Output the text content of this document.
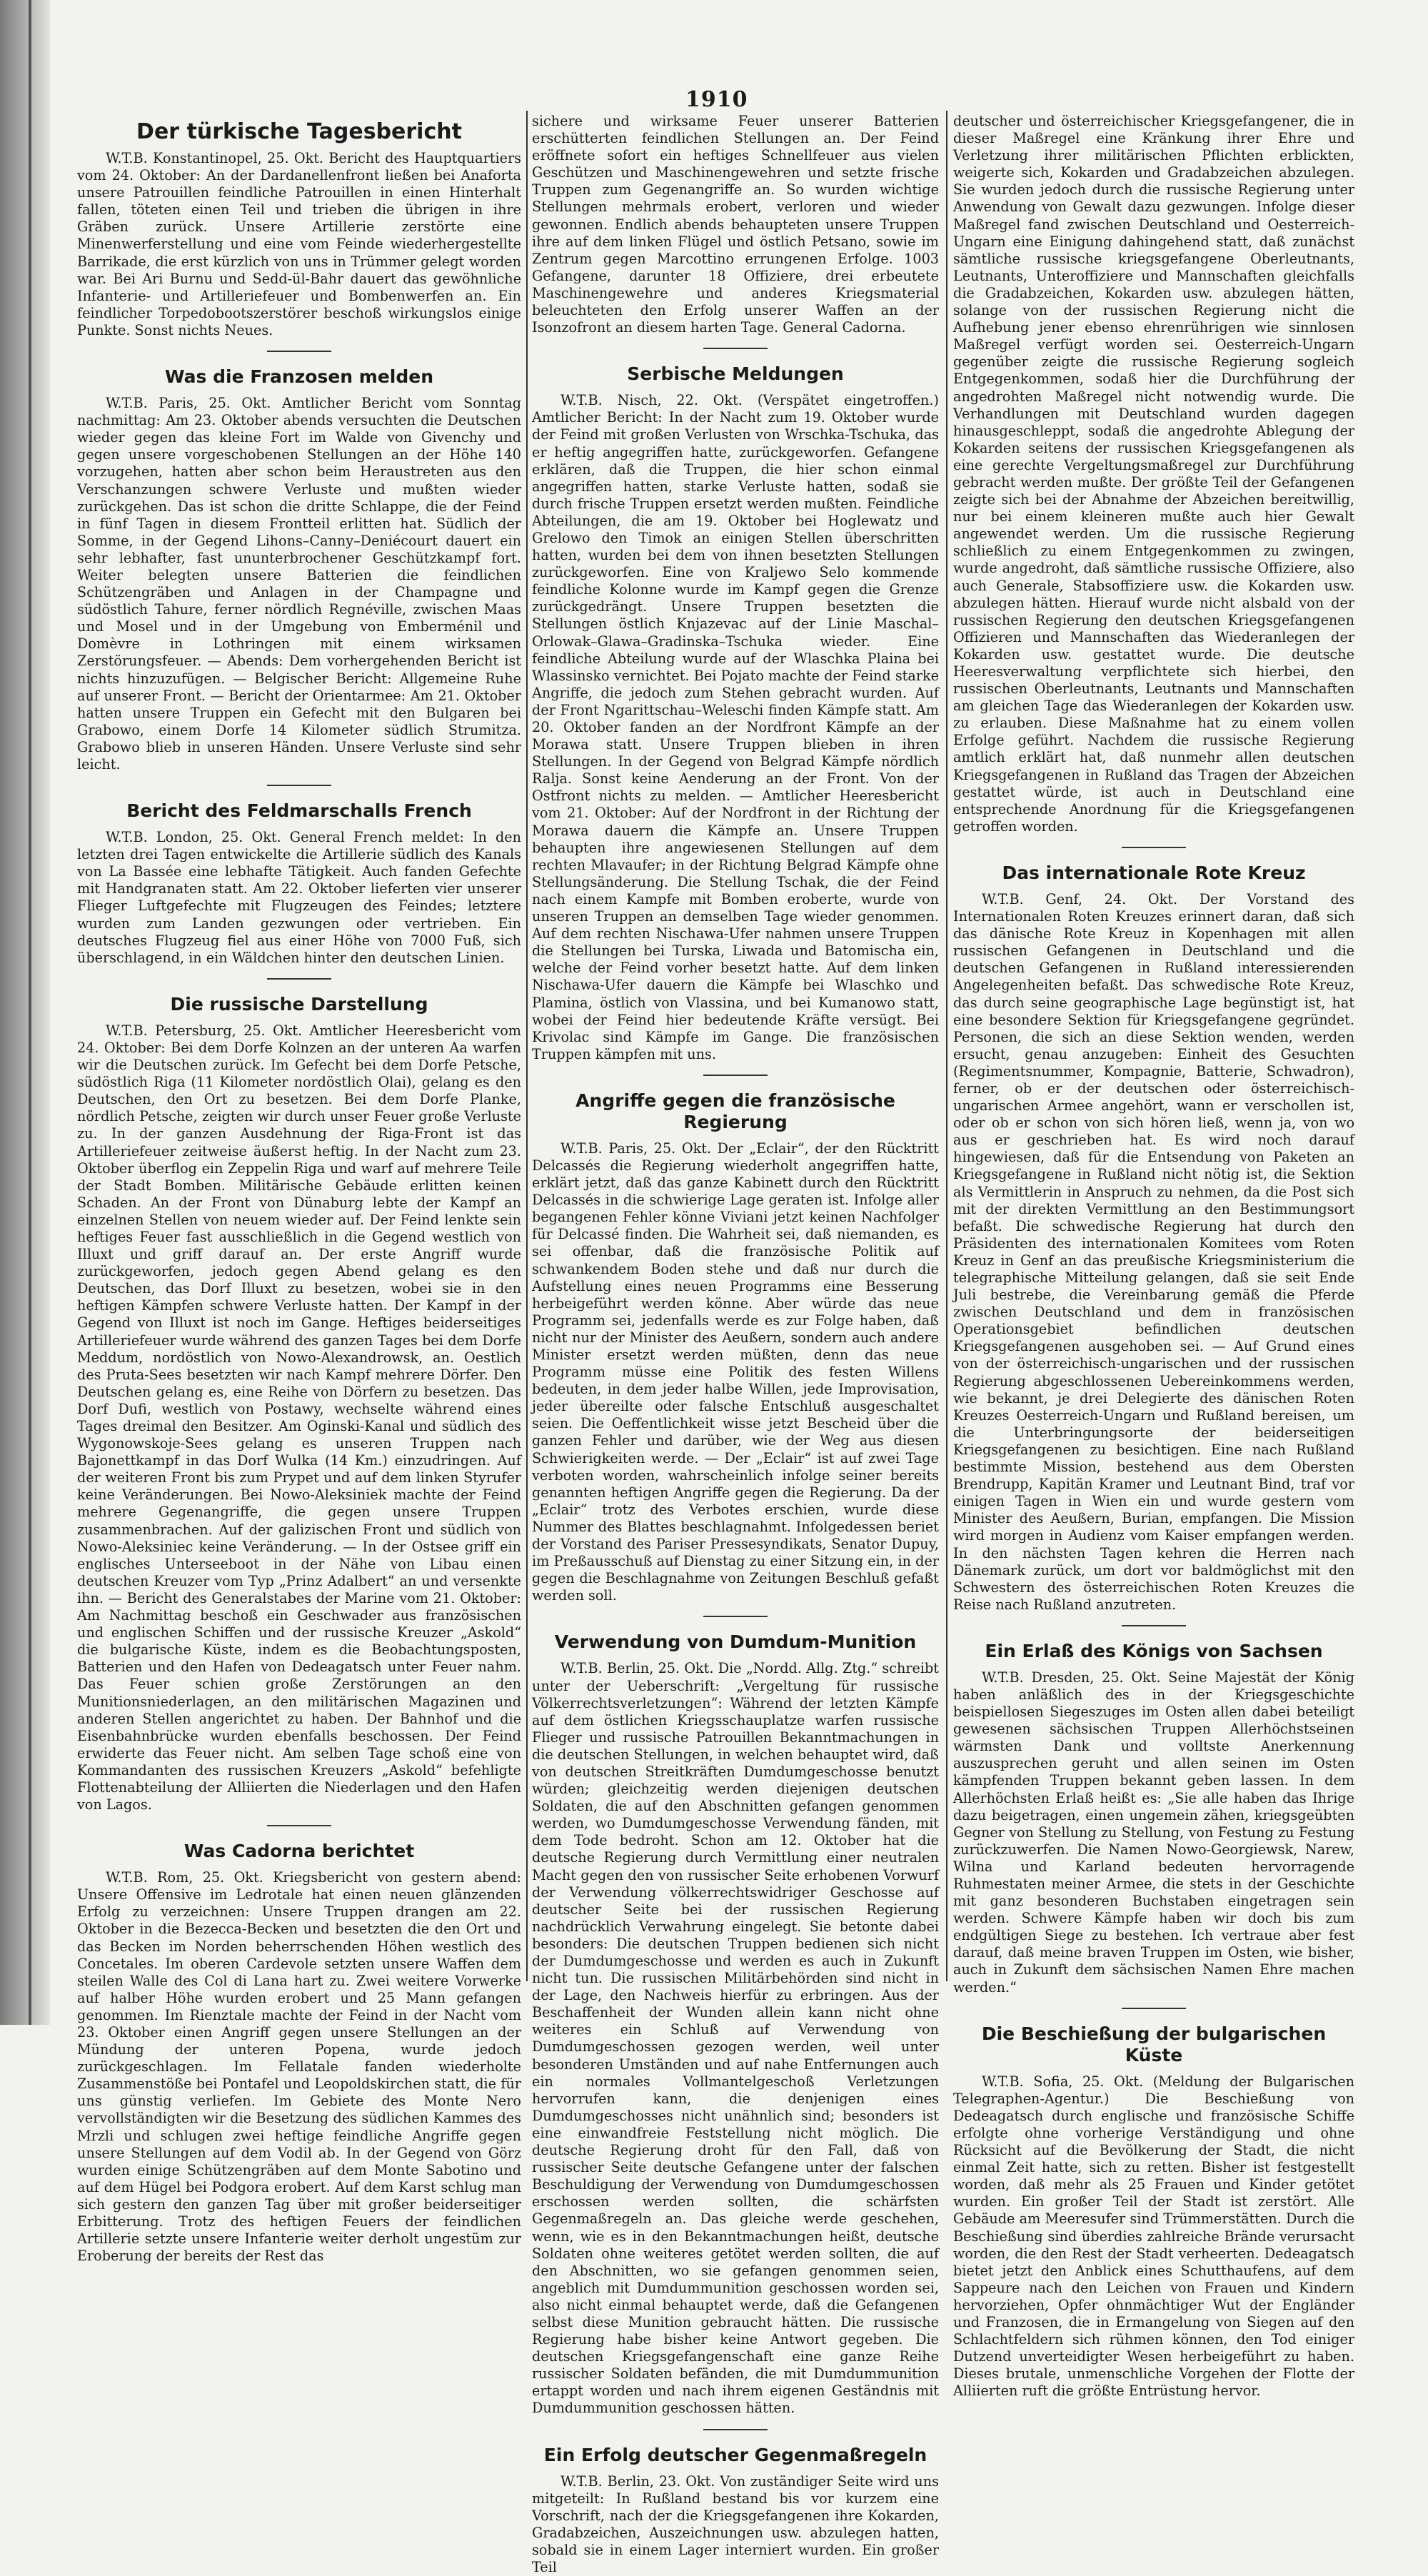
1910
Der türkische Tagesbericht

W.T.B. Konstantinopel, 25. Okt. Bericht des Hauptquartiers vom 24. Oktober: An der Dardanellenfront ließen bei Anaforta unsere Patrouillen feindliche Patrouillen in einen Hinterhalt fallen, töteten einen Teil und trieben die übrigen in ihre Gräben zurück. Unsere Artillerie zerstörte eine Minenwerferstellung und eine vom Feinde wiederhergestellte Barrikade, die erst kürzlich von uns in Trümmer gelegt worden war. Bei Ari Burnu und Sedd-ül-Bahr dauert das gewöhnliche Infanterie- und Artilleriefeuer und Bombenwerfen an. Ein feindlicher Torpedobootszerstörer beschoß wirkungslos einige Punkte. Sonst nichts Neues.

Was die Franzosen melden

W.T.B. Paris, 25. Okt. Amtlicher Bericht vom Sonntag nachmittag: Am 23. Oktober abends versuchten die Deutschen wieder gegen das kleine Fort im Walde von Givenchy und gegen unsere vorgeschobenen Stellungen an der Höhe 140 vorzugehen, hatten aber schon beim Heraustreten aus den Verschanzungen schwere Verluste und mußten wieder zurückgehen. Das ist schon die dritte Schlappe, die der Feind in fünf Tagen in diesem Frontteil erlitten hat. Südlich der Somme, in der Gegend Lihons–Canny–Deniécourt dauert ein sehr lebhafter, fast ununterbrochener Geschützkampf fort. Weiter belegten unsere Batterien die feindlichen Schützengräben und Anlagen in der Champagne und südöstlich Tahure, ferner nördlich Regnéville, zwischen Maas und Mosel und in der Umgebung von Emberménil und Domèvre in Lothringen mit einem wirksamen Zerstörungsfeuer. — Abends: Dem vorhergehenden Bericht ist nichts hinzuzufügen. — Belgischer Bericht: Allgemeine Ruhe auf unserer Front. — Bericht der Orientarmee: Am 21. Oktober hatten unsere Truppen ein Gefecht mit den Bulgaren bei Grabowo, einem Dorfe 14 Kilometer südlich Strumitza. Grabowo blieb in unseren Händen. Unsere Verluste sind sehr leicht.

Bericht des Feldmarschalls French

W.T.B. London, 25. Okt. General French meldet: In den letzten drei Tagen entwickelte die Artillerie südlich des Kanals von La Bassée eine lebhafte Tätigkeit. Auch fanden Gefechte mit Handgranaten statt. Am 22. Oktober lieferten vier unserer Flieger Luftgefechte mit Flugzeugen des Feindes; letztere wurden zum Landen gezwungen oder vertrieben. Ein deutsches Flugzeug fiel aus einer Höhe von 7000 Fuß, sich überschlagend, in ein Wäldchen hinter den deutschen Linien.

Die russische Darstellung

W.T.B. Petersburg, 25. Okt. Amtlicher Heeresbericht vom 24. Oktober: Bei dem Dorfe Kolnzen an der unteren Aa warfen wir die Deutschen zurück. Im Gefecht bei dem Dorfe Petsche, südöstlich Riga (11 Kilometer nordöstlich Olai), gelang es den Deutschen, den Ort zu besetzen. Bei dem Dorfe Planke, nördlich Petsche, zeigten wir durch unser Feuer große Verluste zu. In der ganzen Ausdehnung der Riga-Front ist das Artilleriefeuer zeitweise äußerst heftig. In der Nacht zum 23. Oktober überflog ein Zeppelin Riga und warf auf mehrere Teile der Stadt Bomben. Militärische Gebäude erlitten keinen Schaden. An der Front von Dünaburg lebte der Kampf an einzelnen Stellen von neuem wieder auf. Der Feind lenkte sein heftiges Feuer fast ausschließlich in die Gegend westlich von Illuxt und griff darauf an. Der erste Angriff wurde zurückgeworfen, jedoch gegen Abend gelang es den Deutschen, das Dorf Illuxt zu besetzen, wobei sie in den heftigen Kämpfen schwere Verluste hatten. Der Kampf in der Gegend von Illuxt ist noch im Gange. Heftiges beiderseitiges Artilleriefeuer wurde während des ganzen Tages bei dem Dorfe Meddum, nordöstlich von Nowo-Alexandrowsk, an. Oestlich des Pruta-Sees besetzten wir nach Kampf mehrere Dörfer. Den Deutschen gelang es, eine Reihe von Dörfern zu besetzen. Das Dorf Dufi, westlich von Postawy, wechselte während eines Tages dreimal den Besitzer. Am Oginski-Kanal und südlich des Wygonowskoje-Sees gelang es unseren Truppen nach Bajonettkampf in das Dorf Wulka (14 Km.) einzudringen. Auf der weiteren Front bis zum Prypet und auf dem linken Styrufer keine Veränderungen. Bei Nowo-Aleksiniek machte der Feind mehrere Gegenangriffe, die gegen unsere Truppen zusammenbrachen. Auf der galizischen Front und südlich von Nowo-Aleksiniec keine Veränderung. — In der Ostsee griff ein englisches Unterseeboot in der Nähe von Libau einen deutschen Kreuzer vom Typ „Prinz Adalbert“ an und versenkte ihn. — Bericht des Generalstabes der Marine vom 21. Oktober: Am Nachmittag beschoß ein Geschwader aus französischen und englischen Schiffen und der russische Kreuzer „Askold“ die bulgarische Küste, indem es die Beobachtungsposten, Batterien und den Hafen von Dedeagatsch unter Feuer nahm. Das Feuer schien große Zerstörungen an den Munitionsniederlagen, an den militärischen Magazinen und anderen Stellen angerichtet zu haben. Der Bahnhof und die Eisenbahnbrücke wurden ebenfalls beschossen. Der Feind erwiderte das Feuer nicht. Am selben Tage schoß eine von Kommandanten des russischen Kreuzers „Askold“ befehligte Flottenabteilung der Alliierten die Niederlagen und den Hafen von Lagos.

Was Cadorna berichtet

W.T.B. Rom, 25. Okt. Kriegsbericht von gestern abend: Unsere Offensive im Ledrotale hat einen neuen glänzenden Erfolg zu verzeichnen: Unsere Truppen drangen am 22. Oktober in die Bezecca-Becken und besetzten die den Ort und das Becken im Norden beherrschenden Höhen westlich des Concetales. Im oberen Cardevole setzten unsere Waffen dem steilen Walle des Col di Lana hart zu. Zwei weitere Vorwerke auf halber Höhe wurden erobert und 25 Mann gefangen genommen. Im Rienztale machte der Feind in der Nacht vom 23. Oktober einen Angriff gegen unsere Stellungen an der Mündung der unteren Popena, wurde jedoch zurückgeschlagen. Im Fellatale fanden wiederholte Zusammenstöße bei Pontafel und Leopoldskirchen statt, die für uns günstig verliefen. Im Gebiete des Monte Nero vervollständigten wir die Besetzung des südlichen Kammes des Mrzli und schlugen zwei heftige feindliche Angriffe gegen unsere Stellungen auf dem Vodil ab. In der Gegend von Görz wurden einige Schützengräben auf dem Monte Sabotino und auf dem Hügel bei Podgora erobert. Auf dem Karst schlug man sich gestern den ganzen Tag über mit großer beiderseitiger Erbitterung. Trotz des heftigen Feuers der feindlichen Artillerie setzte unsere Infanterie weiter derholt ungestüm zur Eroberung der bereits der Rest das

sichere und wirksame Feuer unserer Batterien erschütterten feindlichen Stellungen an. Der Feind eröffnete sofort ein heftiges Schnellfeuer aus vielen Geschützen und Maschinengewehren und setzte frische Truppen zum Gegenangriffe an. So wurden wichtige Stellungen mehrmals erobert, verloren und wieder gewonnen. Endlich abends behaupteten unsere Truppen ihre auf dem linken Flügel und östlich Petsano, sowie im Zentrum gegen Marcottino errungenen Erfolge. 1003 Gefangene, darunter 18 Offiziere, drei erbeutete Maschinengewehre und anderes Kriegsmaterial beleuchteten den Erfolg unserer Waffen an der Isonzofront an diesem harten Tage. General Cadorna.

Serbische Meldungen

W.T.B. Nisch, 22. Okt. (Verspätet eingetroffen.) Amtlicher Bericht: In der Nacht zum 19. Oktober wurde der Feind mit großen Verlusten von Wrschka-Tschuka, das er heftig angegriffen hatte, zurückgeworfen. Gefangene erklären, daß die Truppen, die hier schon einmal angegriffen hatten, starke Verluste hatten, sodaß sie durch frische Truppen ersetzt werden mußten. Feindliche Abteilungen, die am 19. Oktober bei Hoglewatz und Grelowo den Timok an einigen Stellen überschritten hatten, wurden bei dem von ihnen besetzten Stellungen zurückgeworfen. Eine von Kraljewo Selo kommende feindliche Kolonne wurde im Kampf gegen die Grenze zurückgedrängt. Unsere Truppen besetzten die Stellungen östlich Knjazevac auf der Linie Maschal–Orlowak–Glawa–Gradinska–Tschuka wieder. Eine feindliche Abteilung wurde auf der Wlaschka Plaina bei Wlassinsko vernichtet. Bei Pojato machte der Feind starke Angriffe, die jedoch zum Stehen gebracht wurden. Auf der Front Ngarittschau–Weleschi finden Kämpfe statt. Am 20. Oktober fanden an der Nordfront Kämpfe an der Morawa statt. Unsere Truppen blieben in ihren Stellungen. In der Gegend von Belgrad Kämpfe nördlich Ralja. Sonst keine Aenderung an der Front. Von der Ostfront nichts zu melden. — Amtlicher Heeresbericht vom 21. Oktober: Auf der Nordfront in der Richtung der Morawa dauern die Kämpfe an. Unsere Truppen behaupten ihre angewiesenen Stellungen auf dem rechten Mlavaufer; in der Richtung Belgrad Kämpfe ohne Stellungsänderung. Die Stellung Tschak, die der Feind nach einem Kampfe mit Bomben eroberte, wurde von unseren Truppen an demselben Tage wieder genommen. Auf dem rechten Nischawa-Ufer nahmen unsere Truppen die Stellungen bei Turska, Liwada und Batomischa ein, welche der Feind vorher besetzt hatte. Auf dem linken Nischawa-Ufer dauern die Kämpfe bei Wlaschko und Plamina, östlich von Vlassina, und bei Kumanowo statt, wobei der Feind hier bedeutende Kräfte versügt. Bei Krivolac sind Kämpfe im Gange. Die französischen Truppen kämpfen mit uns.

Angriffe gegen die französische Regierung

W.T.B. Paris, 25. Okt. Der „Eclair“, der den Rücktritt Delcassés die Regierung wiederholt angegriffen hatte, erklärt jetzt, daß das ganze Kabinett durch den Rücktritt Delcassés in die schwierige Lage geraten ist. Infolge aller begangenen Fehler könne Viviani jetzt keinen Nachfolger für Delcassé finden. Die Wahrheit sei, daß niemanden, es sei offenbar, daß die französische Politik auf schwankendem Boden stehe und daß nur durch die Aufstellung eines neuen Programms eine Besserung herbeigeführt werden könne. Aber würde das neue Programm sei, jedenfalls werde es zur Folge haben, daß nicht nur der Minister des Aeußern, sondern auch andere Minister ersetzt werden müßten, denn das neue Programm müsse eine Politik des festen Willens bedeuten, in dem jeder halbe Willen, jede Improvisation, jeder übereilte oder falsche Entschluß ausgeschaltet seien. Die Oeffentlichkeit wisse jetzt Bescheid über die ganzen Fehler und darüber, wie der Weg aus diesen Schwierigkeiten werde. — Der „Eclair“ ist auf zwei Tage verboten worden, wahrscheinlich infolge seiner bereits genannten heftigen Angriffe gegen die Regierung. Da der „Eclair“ trotz des Verbotes erschien, wurde diese Nummer des Blattes beschlagnahmt. Infolgedessen beriet der Vorstand des Pariser Pressesyndikats, Senator Dupuy, im Preßausschuß auf Dienstag zu einer Sitzung ein, in der gegen die Beschlagnahme von Zeitungen Beschluß gefaßt werden soll.

Verwendung von Dumdum-Munition

W.T.B. Berlin, 25. Okt. Die „Nordd. Allg. Ztg.“ schreibt unter der Ueberschrift: „Vergeltung für russische Völkerrechtsverletzungen“: Während der letzten Kämpfe auf dem östlichen Kriegsschauplatze warfen russische Flieger und russische Patrouillen Bekanntmachungen in die deutschen Stellungen, in welchen behauptet wird, daß von deutschen Streitkräften Dumdumgeschosse benutzt würden; gleichzeitig werden diejenigen deutschen Soldaten, die auf den Abschnitten gefangen genommen werden, wo Dumdumgeschosse Verwendung fänden, mit dem Tode bedroht. Schon am 12. Oktober hat die deutsche Regierung durch Vermittlung einer neutralen Macht gegen den von russischer Seite erhobenen Vorwurf der Verwendung völkerrechtswidriger Geschosse auf deutscher Seite bei der russischen Regierung nachdrücklich Verwahrung eingelegt. Sie betonte dabei besonders: Die deutschen Truppen bedienen sich nicht der Dumdumgeschosse und werden es auch in Zukunft nicht tun. Die russischen Militärbehörden sind nicht in der Lage, den Nachweis hierfür zu erbringen. Aus der Beschaffenheit der Wunden allein kann nicht ohne weiteres ein Schluß auf Verwendung von Dumdumgeschossen gezogen werden, weil unter besonderen Umständen und auf nahe Entfernungen auch ein normales Vollmantelgeschoß Verletzungen hervorrufen kann, die denjenigen eines Dumdumgeschosses nicht unähnlich sind; besonders ist eine einwandfreie Feststellung nicht möglich. Die deutsche Regierung droht für den Fall, daß von russischer Seite deutsche Gefangene unter der falschen Beschuldigung der Verwendung von Dumdumgeschossen erschossen werden sollten, die schärfsten Gegenmaßregeln an. Das gleiche werde geschehen, wenn, wie es in den Bekanntmachungen heißt, deutsche Soldaten ohne weiteres getötet werden sollten, die auf den Abschnitten, wo sie gefangen genommen seien, angeblich mit Dumdummunition geschossen worden sei, also nicht einmal behauptet werde, daß die Gefangenen selbst diese Munition gebraucht hätten. Die russische Regierung habe bisher keine Antwort gegeben. Die deutschen Kriegsgefangenschaft eine ganze Reihe russischer Soldaten befänden, die mit Dumdummunition ertappt worden und nach ihrem eigenen Geständnis mit Dumdummunition geschossen hätten.

Ein Erfolg deutscher Gegenmaßregeln

W.T.B. Berlin, 23. Okt. Von zuständiger Seite wird uns mitgeteilt: In Rußland bestand bis vor kurzem eine Vorschrift, nach der die Kriegsgefangenen ihre Kokarden, Gradabzeichen, Auszeichnungen usw. abzulegen hatten, sobald sie in einem Lager interniert wurden. Ein großer Teil

deutscher und österreichischer Kriegsgefangener, die in dieser Maßregel eine Kränkung ihrer Ehre und Verletzung ihrer militärischen Pflichten erblickten, weigerte sich, Kokarden und Gradabzeichen abzulegen. Sie wurden jedoch durch die russische Regierung unter Anwendung von Gewalt dazu gezwungen. Infolge dieser Maßregel fand zwischen Deutschland und Oesterreich-Ungarn eine Einigung dahingehend statt, daß zunächst sämtliche russische kriegsgefangene Oberleutnants, Leutnants, Unteroffiziere und Mannschaften gleichfalls die Gradabzeichen, Kokarden usw. abzulegen hätten, solange von der russischen Regierung nicht die Aufhebung jener ebenso ehrenrührigen wie sinnlosen Maßregel verfügt worden sei. Oesterreich-Ungarn gegenüber zeigte die russische Regierung sogleich Entgegenkommen, sodaß hier die Durchführung der angedrohten Maßregel nicht notwendig wurde. Die Verhandlungen mit Deutschland wurden dagegen hinausgeschleppt, sodaß die angedrohte Ablegung der Kokarden seitens der russischen Kriegsgefangenen als eine gerechte Vergeltungsmaßregel zur Durchführung gebracht werden mußte. Der größte Teil der Gefangenen zeigte sich bei der Abnahme der Abzeichen bereitwillig, nur bei einem kleineren mußte auch hier Gewalt angewendet werden. Um die russische Regierung schließlich zu einem Entgegenkommen zu zwingen, wurde angedroht, daß sämtliche russische Offiziere, also auch Generale, Stabsoffiziere usw. die Kokarden usw. abzulegen hätten. Hierauf wurde nicht alsbald von der russischen Regierung den deutschen Kriegsgefangenen Offizieren und Mannschaften das Wiederanlegen der Kokarden usw. gestattet wurde. Die deutsche Heeresverwaltung verpflichtete sich hierbei, den russischen Oberleutnants, Leutnants und Mannschaften am gleichen Tage das Wiederanlegen der Kokarden usw. zu erlauben. Diese Maßnahme hat zu einem vollen Erfolge geführt. Nachdem die russische Regierung amtlich erklärt hat, daß nunmehr allen deutschen Kriegsgefangenen in Rußland das Tragen der Abzeichen gestattet würde, ist auch in Deutschland eine entsprechende Anordnung für die Kriegsgefangenen getroffen worden.

Das internationale Rote Kreuz

W.T.B. Genf, 24. Okt. Der Vorstand des Internationalen Roten Kreuzes erinnert daran, daß sich das dänische Rote Kreuz in Kopenhagen mit allen russischen Gefangenen in Deutschland und die deutschen Gefangenen in Rußland interessierenden Angelegenheiten befaßt. Das schwedische Rote Kreuz, das durch seine geographische Lage begünstigt ist, hat eine besondere Sektion für Kriegsgefangene gegründet. Personen, die sich an diese Sektion wenden, werden ersucht, genau anzugeben: Einheit des Gesuchten (Regimentsnummer, Kompagnie, Batterie, Schwadron), ferner, ob er der deutschen oder österreichisch-ungarischen Armee angehört, wann er verschollen ist, oder ob er schon von sich hören ließ, wenn ja, von wo aus er geschrieben hat. Es wird noch darauf hingewiesen, daß für die Entsendung von Paketen an Kriegsgefangene in Rußland nicht nötig ist, die Sektion als Vermittlerin in Anspruch zu nehmen, da die Post sich mit der direkten Vermittlung an den Bestimmungsort befaßt. Die schwedische Regierung hat durch den Präsidenten des internationalen Komitees vom Roten Kreuz in Genf an das preußische Kriegsministerium die telegraphische Mitteilung gelangen, daß sie seit Ende Juli bestrebe, die Vereinbarung gemäß die Pferde zwischen Deutschland und dem in französischen Operationsgebiet befindlichen deutschen Kriegsgefangenen ausgehoben sei. — Auf Grund eines von der österreichisch-ungarischen und der russischen Regierung abgeschlossenen Uebereinkommens werden, wie bekannt, je drei Delegierte des dänischen Roten Kreuzes Oesterreich-Ungarn und Rußland bereisen, um die Unterbringungsorte der beiderseitigen Kriegsgefangenen zu besichtigen. Eine nach Rußland bestimmte Mission, bestehend aus dem Obersten Brendrupp, Kapitän Kramer und Leutnant Bind, traf vor einigen Tagen in Wien ein und wurde gestern vom Minister des Aeußern, Burian, empfangen. Die Mission wird morgen in Audienz vom Kaiser empfangen werden. In den nächsten Tagen kehren die Herren nach Dänemark zurück, um dort vor baldmöglichst mit den Schwestern des österreichischen Roten Kreuzes die Reise nach Rußland anzutreten.

Ein Erlaß des Königs von Sachsen

W.T.B. Dresden, 25. Okt. Seine Majestät der König haben anläßlich des in der Kriegsgeschichte beispiellosen Siegeszuges im Osten allen dabei beteiligt gewesenen sächsischen Truppen Allerhöchstseinen wärmsten Dank und volltste Anerkennung auszusprechen geruht und allen seinen im Osten kämpfenden Truppen bekannt geben lassen. In dem Allerhöchsten Erlaß heißt es: „Sie alle haben das Ihrige dazu beigetragen, einen ungemein zähen, kriegsgeübten Gegner von Stellung zu Stellung, von Festung zu Festung zurückzuwerfen. Die Namen Nowo-Georgiewsk, Narew, Wilna und Karland bedeuten hervorragende Ruhmestaten meiner Armee, die stets in der Geschichte mit ganz besonderen Buchstaben eingetragen sein werden. Schwere Kämpfe haben wir doch bis zum endgültigen Siege zu bestehen. Ich vertraue aber fest darauf, daß meine braven Truppen im Osten, wie bisher, auch in Zukunft dem sächsischen Namen Ehre machen werden.“

Die Beschießung der bulgarischen Küste

W.T.B. Sofia, 25. Okt. (Meldung der Bulgarischen Telegraphen-Agentur.) Die Beschießung von Dedeagatsch durch englische und französische Schiffe erfolgte ohne vorherige Verständigung und ohne Rücksicht auf die Bevölkerung der Stadt, die nicht einmal Zeit hatte, sich zu retten. Bisher ist festgestellt worden, daß mehr als 25 Frauen und Kinder getötet wurden. Ein großer Teil der Stadt ist zerstört. Alle Gebäude am Meeresufer sind Trümmerstätten. Durch die Beschießung sind überdies zahlreiche Brände verursacht worden, die den Rest der Stadt verheerten. Dedeagatsch bietet jetzt den Anblick eines Schutthaufens, auf dem Sappeure nach den Leichen von Frauen und Kindern hervorziehen, Opfer ohnmächtiger Wut der Engländer und Franzosen, die in Ermangelung von Siegen auf den Schlachtfeldern sich rühmen können, den Tod einiger Dutzend unverteidigter Wesen herbeigeführt zu haben. Dieses brutale, unmenschliche Vorgehen der Flotte der Alliierten ruft die größte Entrüstung hervor.
